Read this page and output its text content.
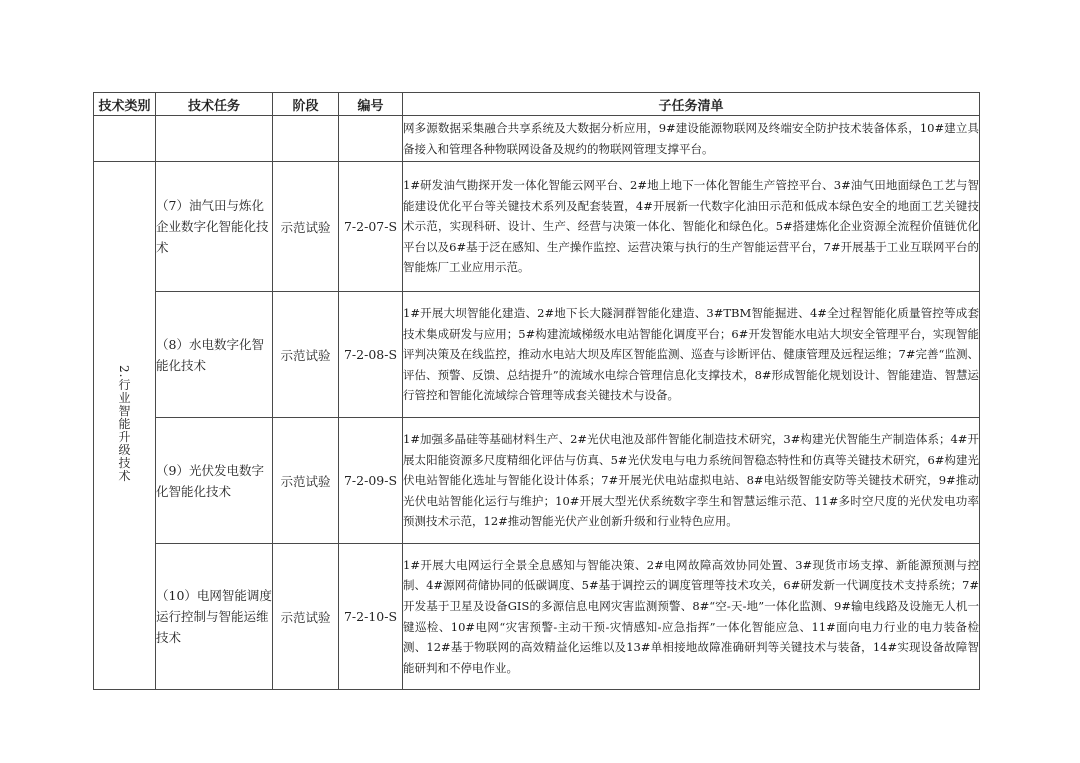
技术类别	技术任务	阶段	编号	子任务清单
				网多源数据采集融合共享系统及大数据分析应用，9#建设能源物联网及终端安全防护技术装备体系，10#建立具备接入和管理各种物联网设备及规约的物联网管理支撑平台。
2.行业智能升级技术	（7）油气田与炼化企业数字化智能化技术	示范试验	7-2-07-S	1#研发油气勘探开发一体化智能云网平台、2#地上地下一体化智能生产管控平台、3#油气田地面绿色工艺与智能建设优化平台等关键技术系列及配套装置，4#开展新一代数字化油田示范和低成本绿色安全的地面工艺关键技术示范，实现科研、设计、生产、经营与决策一体化、智能化和绿色化。5#搭建炼化企业资源全流程价值链优化平台以及6#基于泛在感知、生产操作监控、运营决策与执行的生产智能运营平台，7#开展基于工业互联网平台的智能炼厂工业应用示范。
	（8）水电数字化智能化技术	示范试验	7-2-08-S	1#开展大坝智能化建造、2#地下长大隧洞群智能化建造、3#TBM智能掘进、4#全过程智能化质量管控等成套技术集成研发与应用；5#构建流域梯级水电站智能化调度平台；6#开发智能水电站大坝安全管理平台，实现智能评判决策及在线监控，推动水电站大坝及库区智能监测、巡查与诊断评估、健康管理及远程运维；7#完善“监测、评估、预警、反馈、总结提升”的流域水电综合管理信息化支撑技术，8#形成智能化规划设计、智能建造、智慧运行管控和智能化流域综合管理等成套关键技术与设备。
	（9）光伏发电数字化智能化技术	示范试验	7-2-09-S	1#加强多晶硅等基础材料生产、2#光伏电池及部件智能化制造技术研究，3#构建光伏智能生产制造体系；4#开展太阳能资源多尺度精细化评估与仿真、5#光伏发电与电力系统间智稳态特性和仿真等关键技术研究，6#构建光伏电站智能化选址与智能化设计体系；7#开展光伏电站虚拟电站、8#电站级智能安防等关键技术研究，9#推动光伏电站智能化运行与维护；10#开展大型光伏系统数字孪生和智慧运维示范、11#多时空尺度的光伏发电功率预测技术示范，12#推动智能光伏产业创新升级和行业特色应用。
	（10）电网智能调度运行控制与智能运维技术	示范试验	7-2-10-S	1#开展大电网运行全景全息感知与智能决策、2#电网故障高效协同处置、3#现货市场支撑、新能源预测与控制、4#源网荷储协同的低碳调度、5#基于调控云的调度管理等技术攻关，6#研发新一代调度技术支持系统；7#开发基于卫星及设备GIS的多源信息电网灾害监测预警、8#“空-天-地”一体化监测、9#输电线路及设施无人机一键巡检、10#电网“灾害预警-主动干预-灾情感知-应急指挥”一体化智能应急、11#面向电力行业的电力装备检测、12#基于物联网的高效精益化运维以及13#单相接地故障准确研判等关键技术与装备，14#实现设备故障智能研判和不停电作业。
